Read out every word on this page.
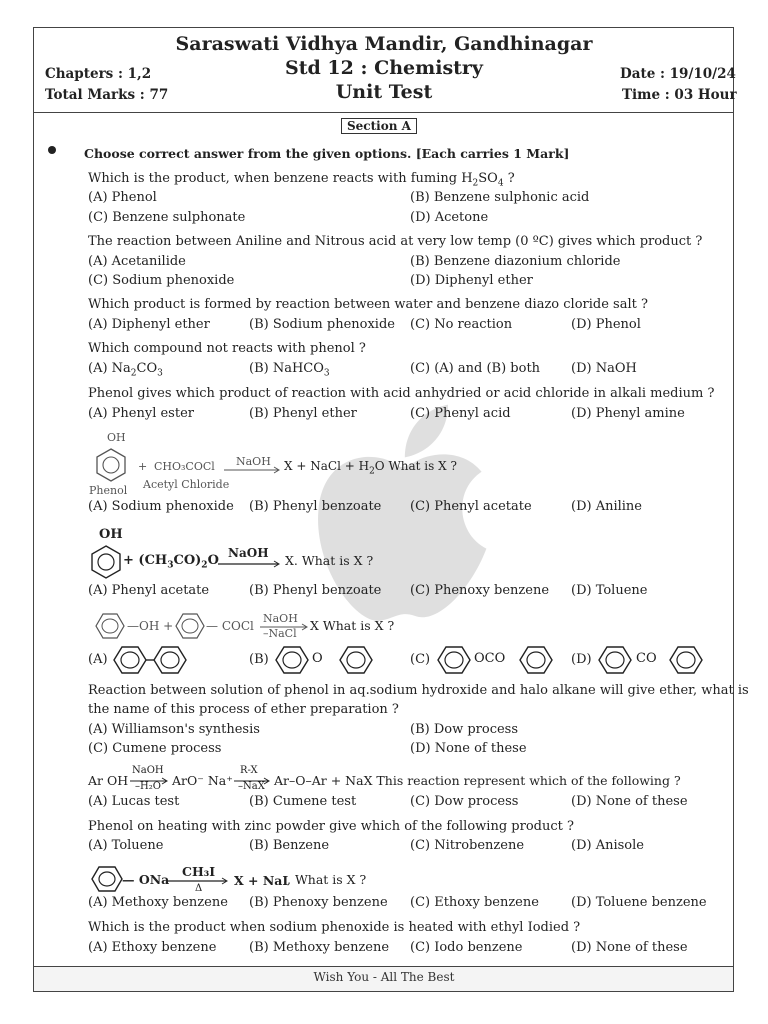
Saraswati Vidhya Mandir, Gandhinagar
Std 12 : Chemistry
Unit Test
Chapters : 1,2
Total Marks : 77
Date : 19/10/24
Time : 03 Hour
Section A
Choose correct answer from the given options. [Each carries 1 Mark]
Which is the product, when benzene reacts with fuming $H_2SO_4$ ?
(A) Phenol	(B) Benzene sulphonic acid
(C) Benzene sulphonate	(D) Acetone
The reaction between Aniline and Nitrous acid at very low temp (0 ºC) gives which product ?
(A) Acetanilide	(B) Benzene diazonium chloride
(C) Sodium phenoxide	(D) Diphenyl ether
Which product is formed by reaction between water and benzene diazo cloride salt ?
(A) Diphenyl ether	(B) Sodium phenoxide (C) No reaction	(D) Phenol
Which compound not reacts with phenol ?
(A) $Na_2CO_3$	(B) NaHCO$_3$	(C) (A) and (B) both (D) NaOH
Phenol gives which product of reaction with acid anhydried or acid chloride in alkali medium ?
(A) Phenyl ester	(B) Phenyl ether	(C) Phenyl acid	(D) Phenyl amine
OH
+ CHO₃COCl NaOH X + NaCl + $H_2O$ What is X ?
Phenol Acetyl Chloride
(A) Sodium phenoxide (B) Phenyl benzoate (C) Phenyl acetate	(D) Aniline
OH
+ $(CH_3CO)_2O$ NaOH X. What is X ?
(A) Phenyl acetate	(B) Phenyl benzoate (C) Phenoxy benzene (D) Toluene
—OH +	— COCl
NaOH
–NaCl
X What is X ?
(A)	(B)	O	(C)	OCO	(D)	CO
Reaction between solution of phenol in aq.sodium hydroxide and halo alkane will give ether, what is
the name of this process of ether preparation ?
(A) Williamson's synthesis	(B) Dow process
(C) Cumene process	(D) None of these
Ar OH
NaOH
–H₂O ArO⁻ Na⁺
R-X
–NaX Ar–O–Ar + NaX This reaction represent which of the following ?
(A) Lucas test	(B) Cumene test	(C) Dow process	(D) None of these
Phenol on heating with zinc powder give which of the following product ?
(A) Toluene	(B) Benzene	(C) Nitrobenzene	(D) Anisole
— ONa
CH₃I
Δ
X + NaI
, What is X ?
(A) Methoxy benzene (B) Phenoxy benzene (C) Ethoxy benzene (D) Toluene benzene
Which is the product when sodium phenoxide is heated with ethyl Iodied ?
(A) Ethoxy benzene	(B) Methoxy benzene (C) Iodo benzene	(D) None of these
Wish You - All The Best
